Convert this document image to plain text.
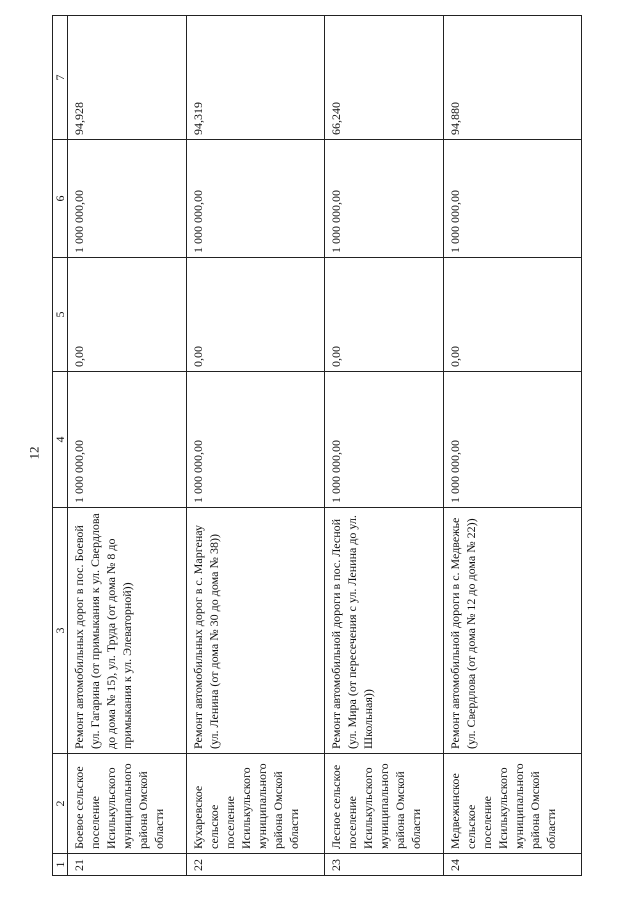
12
1	2	3	4	5	6	7
21	Боевое сельское поселение Исилькульского муниципального района Омской области	Ремонт автомобильных дорог в пос. Боевой (ул. Гагарина (от примыкания к ул. Свердлова до дома № 15), ул. Труда (от дома № 8 до примыкания к ул. Элеваторной))	1 000 000,00	0,00	1 000 000,00	94,928
22	Кухаревское сельское поселение Исилькульского муниципального района Омской области	Ремонт автомобильных дорог в с. Маргенау (ул. Ленина (от дома № 30 до дома № 38))	1 000 000,00	0,00	1 000 000,00	94,319
23	Лесное сельское поселение Исилькульского муниципального района Омской области	Ремонт автомобильной дороги в пос. Лесной (ул. Мира (от пересечения с ул. Ленина до ул. Школьная))	1 000 000,00	0,00	1 000 000,00	66,240
24	Медвежинское сельское поселение Исилькульского муниципального района Омской области	Ремонт автомобильной дороги в с. Медвежье (ул. Свердлова (от дома № 12 до дома № 22))	1 000 000,00	0,00	1 000 000,00	94,880
